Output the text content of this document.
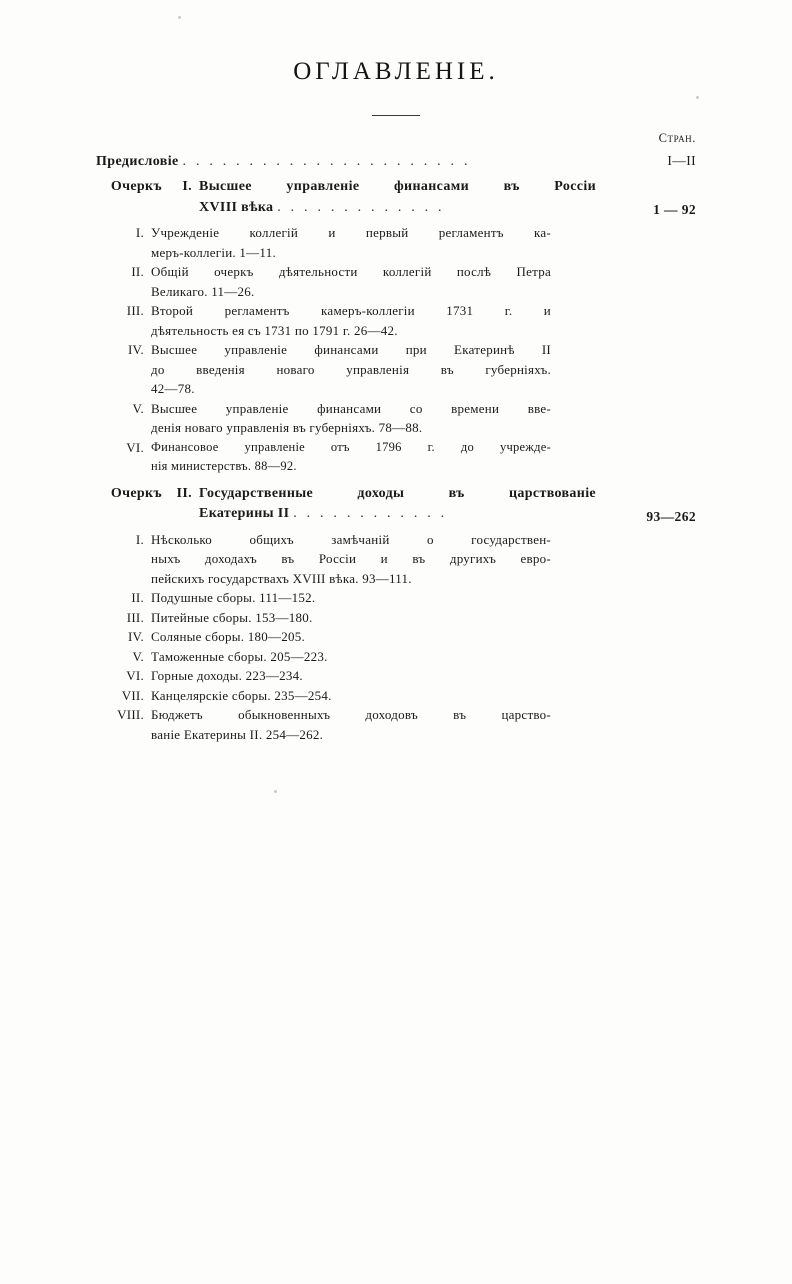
ОГЛАВЛЕНІЕ.
Стран.
Предисловіе . . . . . . . . . . . . . . . . . . . . . .	I—II
Очеркъ	I. Высшее управленіе финансами въ Россіи
XVIII вѣка . . . . . . . . . . . . .	1 — 92
I. Учрежденіе коллегій и первый регламентъ ка-
меръ-коллегіи. 1—11.
II. Общій очеркъ дѣятельности коллегій послѣ Петра
Великаго. 11—26.
III. Второй регламентъ камеръ-коллегіи 1731 г. и
дѣятельность ея съ 1731 по 1791 г. 26—42.
IV. Высшее управленіе финансами при Екатеринѣ II
до введенія новаго управленія въ губерніяхъ.
42—78.
V. Высшее управленіе финансами со времени вве-
денія новаго управленія въ губерніяхъ. 78—88.
VI. Финансовое управленіе отъ 1796 г. до учрежде-
нія министерствъ. 88—92.
Очеркъ	II. Государственные доходы въ царствованіе
Екатерины II . . . . . . . . . . . .	93—262
I. Нѣсколько общихъ замѣчаній о государствен-
ныхъ доходахъ въ Россіи и въ другихъ евро-
пейскихъ государствахъ XVIII вѣка. 93—111.
II. Подушные сборы. 111—152.
III. Питейные сборы. 153—180.
IV. Соляные сборы. 180—205.
V. Таможенные сборы. 205—223.
VI. Горные доходы. 223—234.
VII. Канцелярскіе сборы. 235—254.
VIII. Бюджетъ обыкновенныхъ доходовъ въ царство-
ваніе Екатерины II. 254—262.
